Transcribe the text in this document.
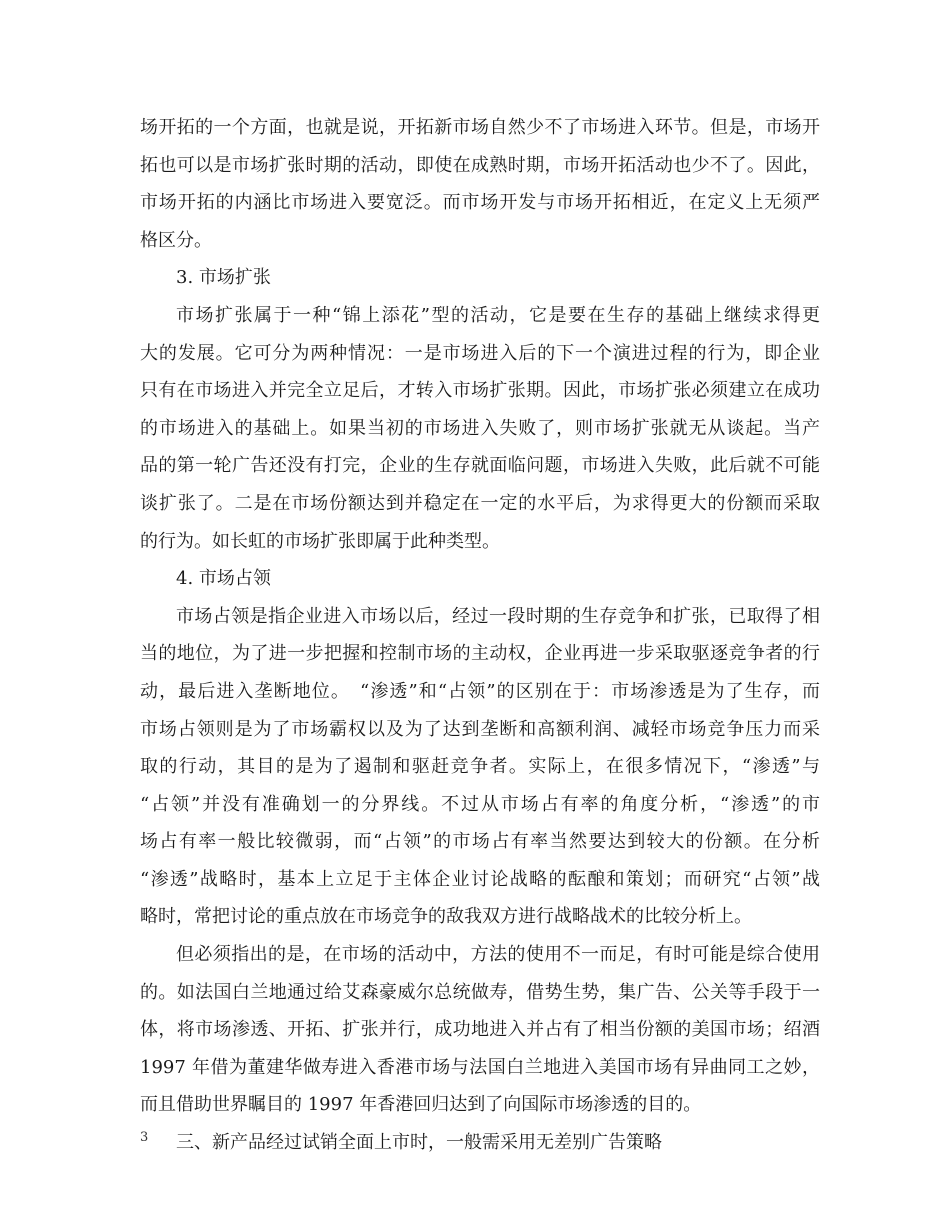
场开拓的一个方面，也就是说，开拓新市场自然少不了市场进入环节。但是，市场开
拓也可以是市场扩张时期的活动，即使在成熟时期，市场开拓活动也少不了。因此，
市场开拓的内涵比市场进入要宽泛。而市场开发与市场开拓相近，在定义上无须严
格区分。
3. 市场扩张
市场扩张属于一种“锦上添花”型的活动，它是要在生存的基础上继续求得更
大的发展。它可分为两种情况：一是市场进入后的下一个演进过程的行为，即企业
只有在市场进入并完全立足后，才转入市场扩张期。因此，市场扩张必须建立在成功
的市场进入的基础上。如果当初的市场进入失败了，则市场扩张就无从谈起。当产
品的第一轮广告还没有打完，企业的生存就面临问题，市场进入失败，此后就不可能
谈扩张了。二是在市场份额达到并稳定在一定的水平后，为求得更大的份额而采取
的行为。如长虹的市场扩张即属于此种类型。
4. 市场占领
市场占领是指企业进入市场以后，经过一段时期的生存竞争和扩张，已取得了相
当的地位，为了进一步把握和控制市场的主动权，企业再进一步采取驱逐竞争者的行
动，最后进入垄断地位。　“渗透”和“占领”的区别在于：市场渗透是为了生存，而
市场占领则是为了市场霸权以及为了达到垄断和高额利润、减轻市场竞争压力而采
取的行动，其目的是为了遏制和驱赶竞争者。实际上，在很多情况下，“渗透”与
“占领”并没有准确划一的分界线。不过从市场占有率的角度分析，“渗透”的市
场占有率一般比较微弱，而“占领”的市场占有率当然要达到较大的份额。在分析
“渗透”战略时，基本上立足于主体企业讨论战略的酝酿和策划；而研究“占领”战
略时，常把讨论的重点放在市场竞争的敌我双方进行战略战术的比较分析上。
但必须指出的是，在市场的活动中，方法的使用不一而足，有时可能是综合使用
的。如法国白兰地通过给艾森豪威尔总统做寿，借势生势，集广告、公关等手段于一
体，将市场渗透、开拓、扩张并行，成功地进入并占有了相当份额的美国市场；绍酒
1997 年借为董建华做寿进入香港市场与法国白兰地进入美国市场有异曲同工之妙，
而且借助世界瞩目的 1997 年香港回归达到了向国际市场渗透的目的。
三、新产品经过试销全面上市时，一般需采用无差别广告策略
3
